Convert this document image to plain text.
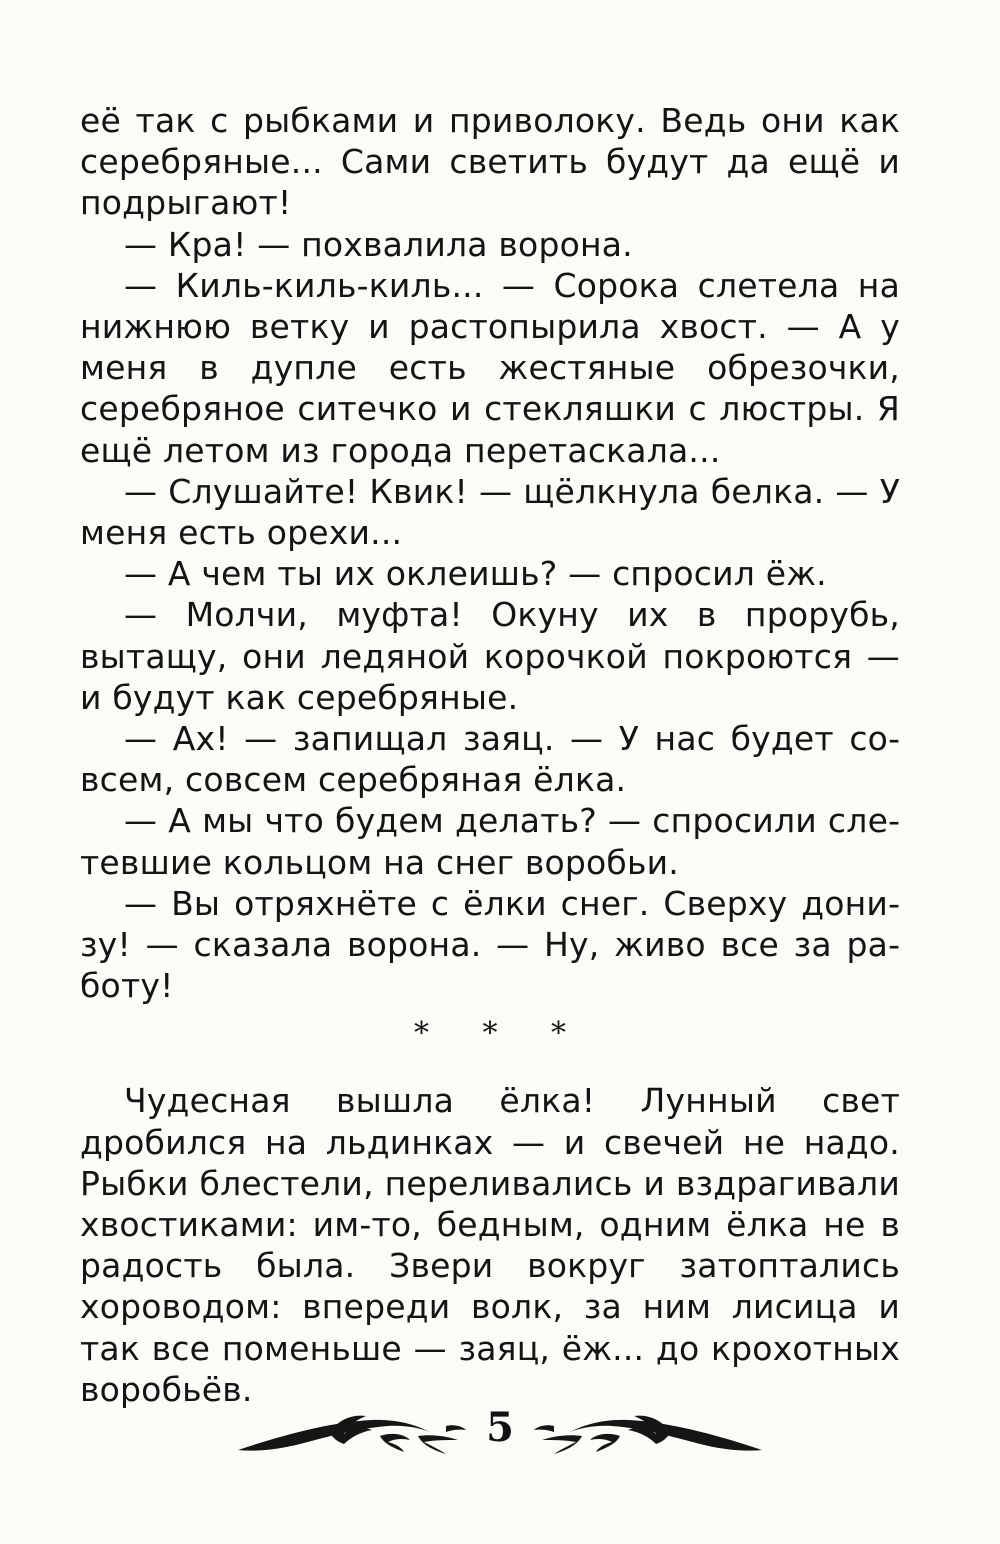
её так с рыбками и приволоку. Ведь они как серебряные... Сами светить будут да ещё и подрыгают!

— Кра! — похвалила ворона.

— Киль-киль-киль... — Сорока слетела на нижнюю ветку и растопырила хвост. — А у меня в дупле есть жестяные обрезочки, серебряное ситечко и стекляшки с люстры. Я ещё летом из города перетаскала...

— Слушайте! Квик! — щёлкнула белка. — У меня есть орехи...

— А чем ты их оклеишь? — спросил ёж.

— Молчи, муфта! Окуну их в прорубь, вытащу, они ледяной корочкой покроются — и будут как серебряные.

— Ах! — запищал заяц. — У нас будет совсем, совсем серебряная ёлка.

— А мы что будем делать? — спросили слетевшие кольцом на снег воробьи.

— Вы отряхнёте с ёлки снег. Сверху донизу! — сказала ворона. — Ну, живо все за работу!

* * *

Чудесная вышла ёлка! Лунный свет дробился на льдинках — и свечей не надо. Рыбки блестели, переливались и вздрагивали хвостиками: им-то, бедным, одним ёлка не в радость была. Звери вокруг затоптались хороводом: впереди волк, за ним лисица и так все поменьше — заяц, ёж... до крохотных воробьёв.

5
